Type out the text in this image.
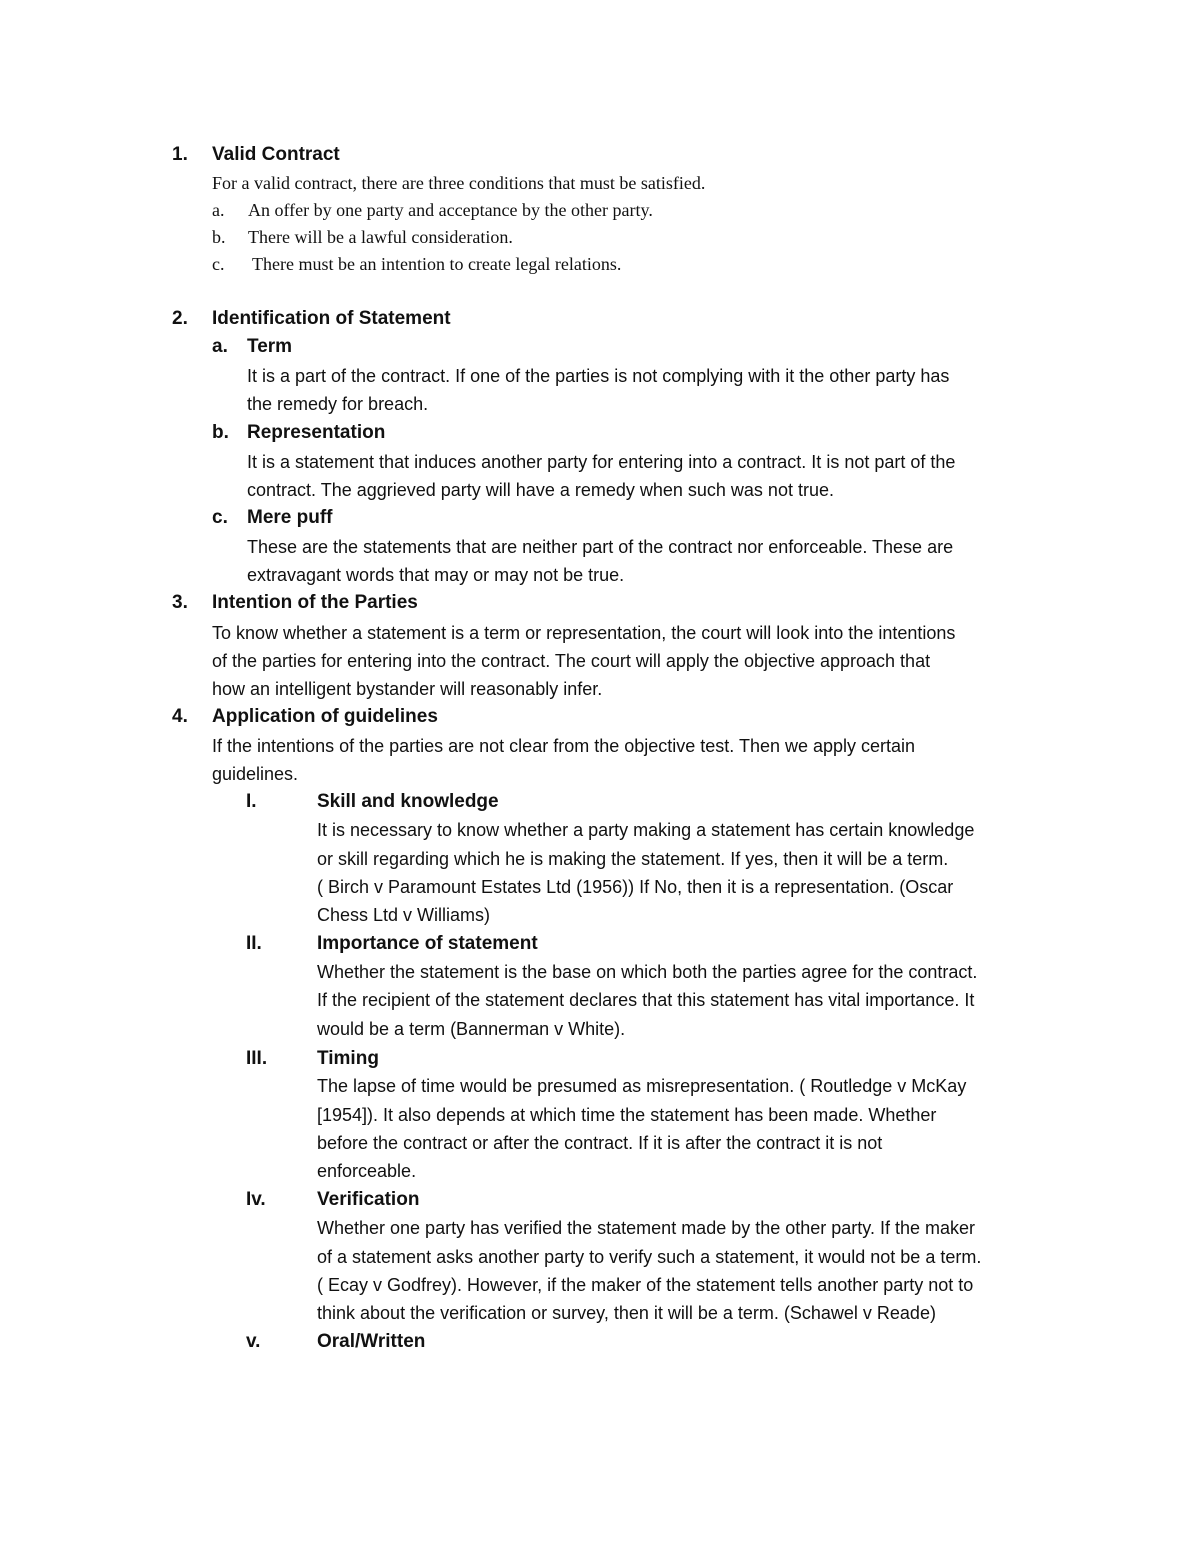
1. Valid Contract
For a valid contract, there are three conditions that must be satisfied.
a. An offer by one party and acceptance by the other party.
b. There will be a lawful consideration.
c. There must be an intention to create legal relations.
2. Identification of Statement
a. Term
It is a part of the contract. If one of the parties is not complying with it the other party has
the remedy for breach.
b. Representation
It is a statement that induces another party for entering into a contract. It is not part of the
contract. The aggrieved party will have a remedy when such was not true.
c. Mere puff
These are the statements that are neither part of the contract nor enforceable. These are
extravagant words that may or may not be true.
3. Intention of the Parties
To know whether a statement is a term or representation, the court will look into the intentions
of the parties for entering into the contract. The court will apply the objective approach that
how an intelligent bystander will reasonably infer.
4. Application of guidelines
If the intentions of the parties are not clear from the objective test. Then we apply certain
guidelines.
I.	Skill and knowledge
It is necessary to know whether a party making a statement has certain knowledge
or skill regarding which he is making the statement. If yes, then it will be a term.
( Birch v Paramount Estates Ltd (1956)) If No, then it is a representation. (Oscar
Chess Ltd v Williams)
II.	Importance of statement
Whether the statement is the base on which both the parties agree for the contract.
If the recipient of the statement declares that this statement has vital importance. It
would be a term (Bannerman v White).
III.	Timing
The lapse of time would be presumed as misrepresentation. ( Routledge v McKay
[1954]). It also depends at which time the statement has been made. Whether
before the contract or after the contract. If it is after the contract it is not
enforceable.
Iv.	Verification
Whether one party has verified the statement made by the other party. If the maker
of a statement asks another party to verify such a statement, it would not be a term.
( Ecay v Godfrey). However, if the maker of the statement tells another party not to
think about the verification or survey, then it will be a term. (Schawel v Reade)
v.	Oral/Written
